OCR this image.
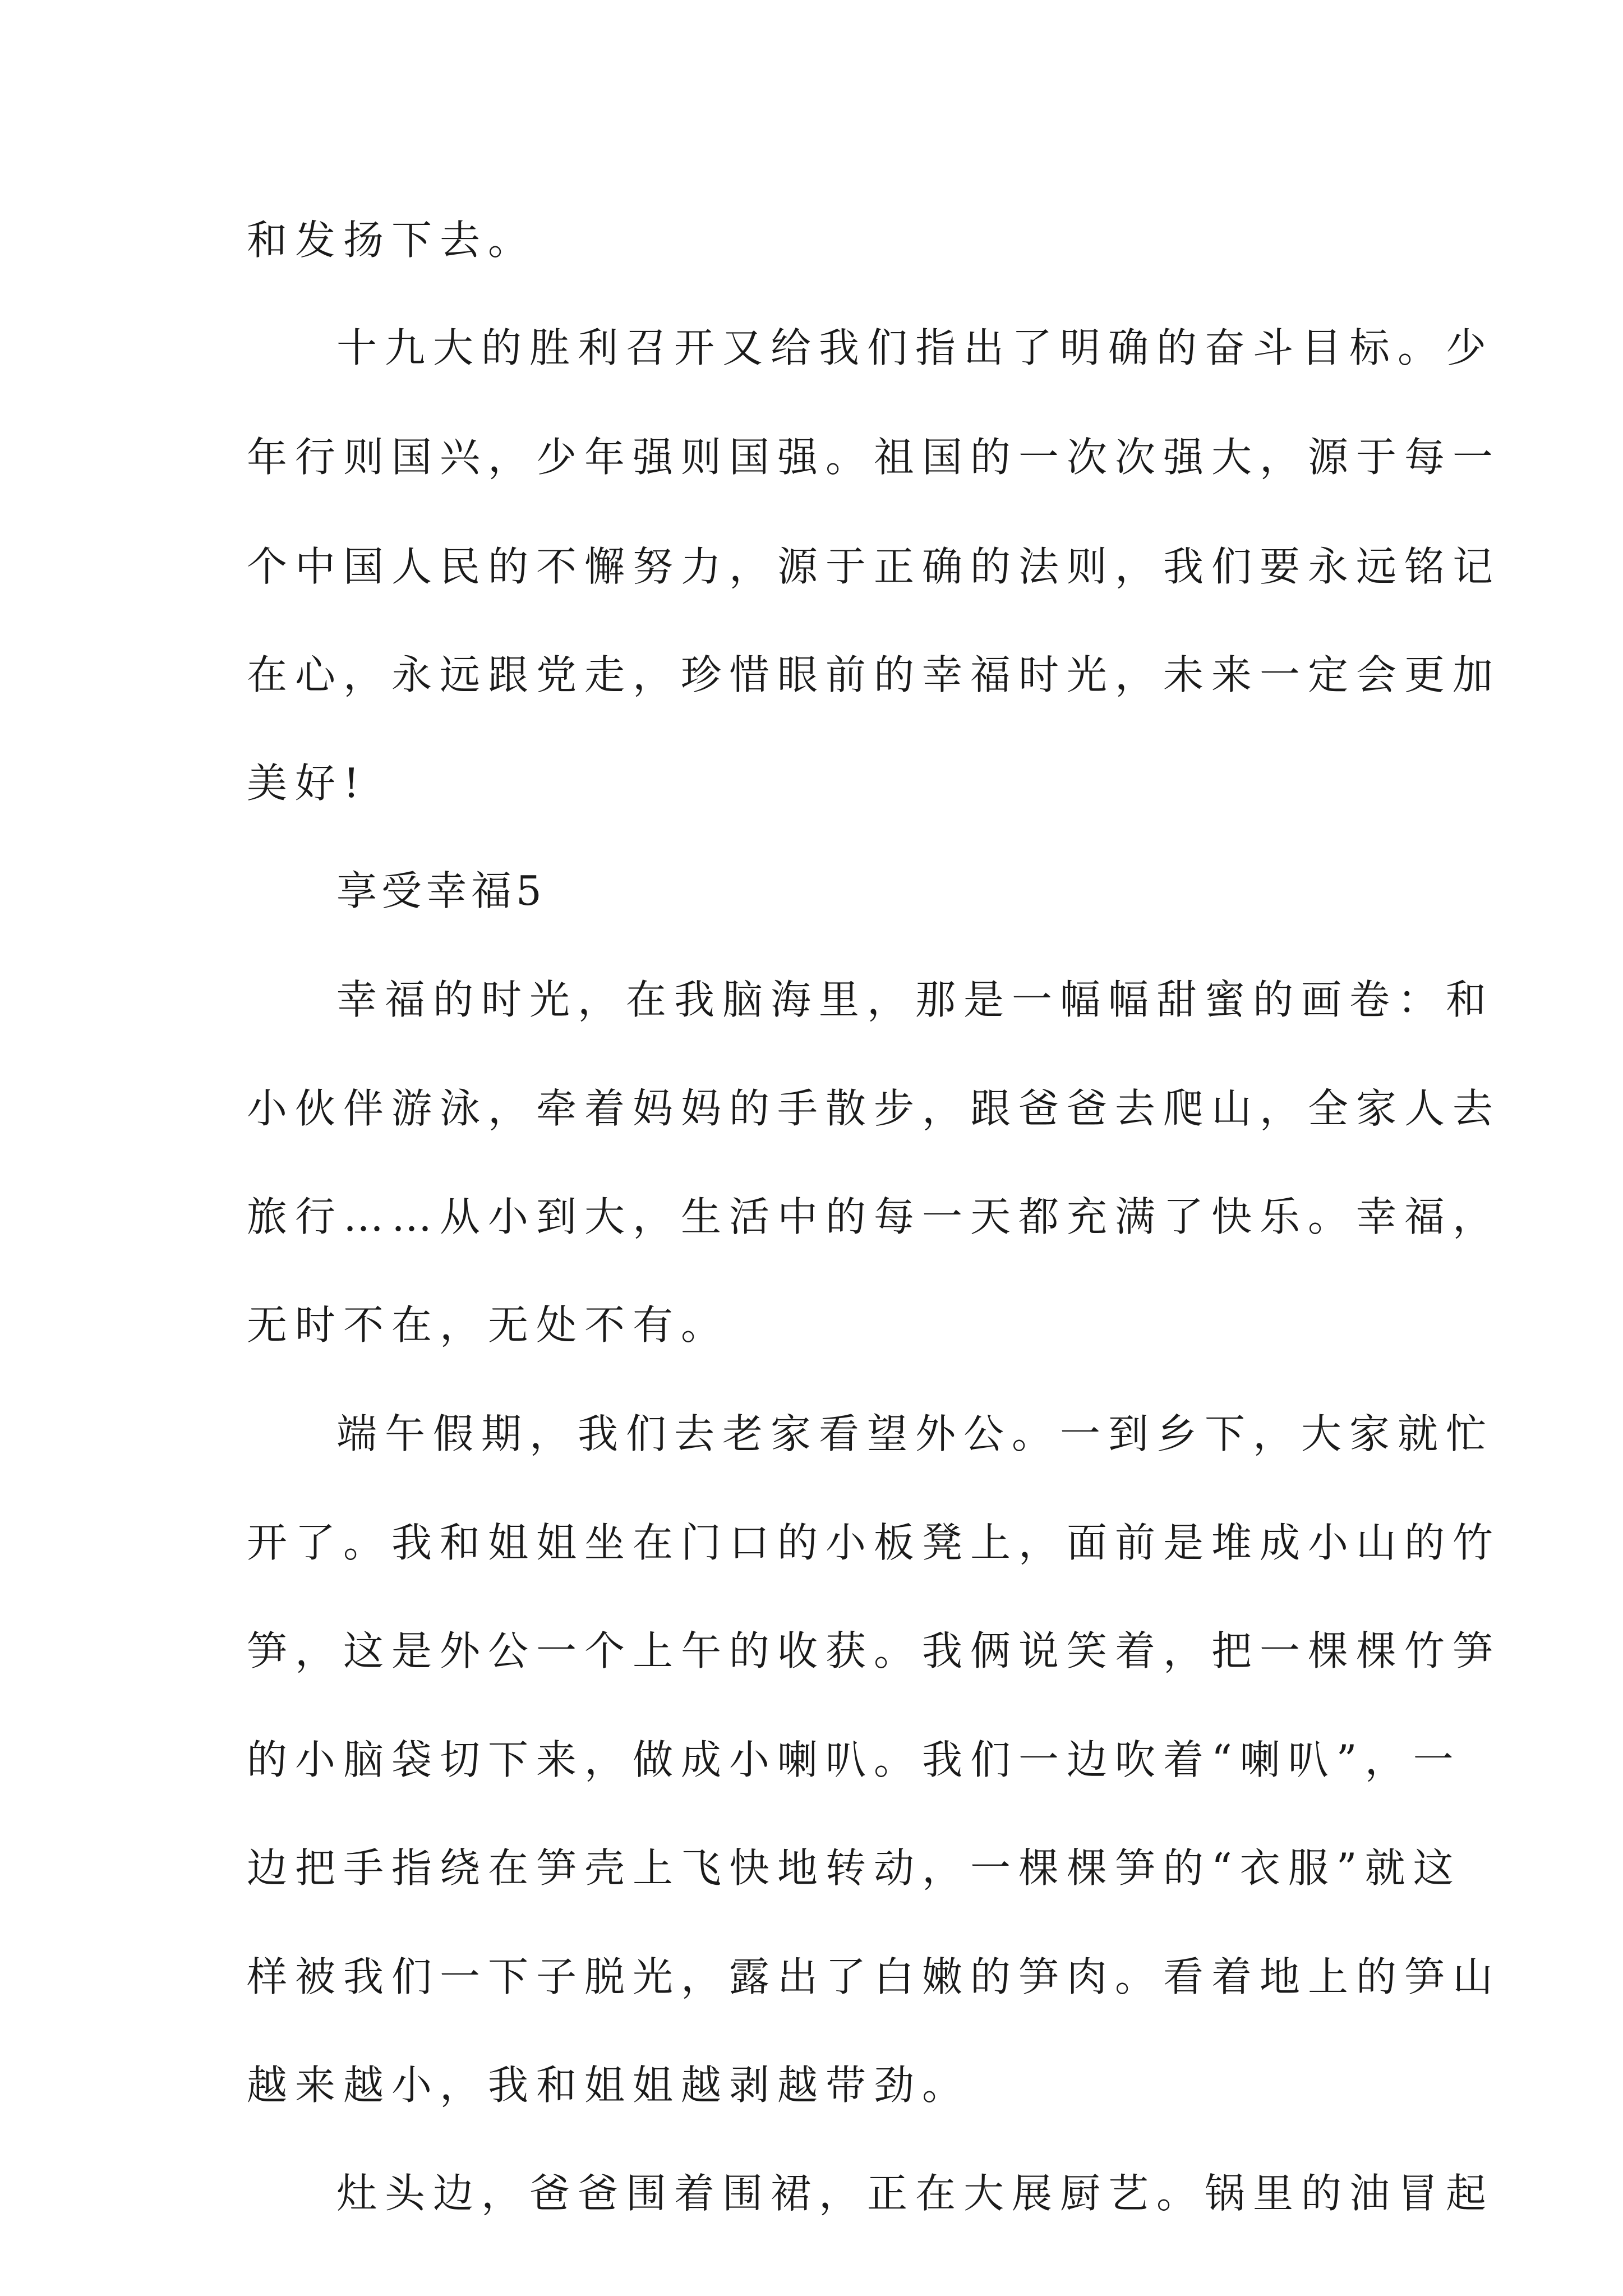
和发扬下去。
十九大的胜利召开又给我们指出了明确的奋斗目标。少
年行则国兴，少年强则国强。祖国的一次次强大，源于每一
个中国人民的不懈努力，源于正确的法则，我们要永远铭记
在心，永远跟党走，珍惜眼前的幸福时光，未来一定会更加
美好!
享受幸福5
幸福的时光，在我脑海里，那是一幅幅甜蜜的画卷：和
小伙伴游泳，牵着妈妈的手散步，跟爸爸去爬山，全家人去
旅行……从小到大，生活中的每一天都充满了快乐。幸福，
无时不在，无处不有。
端午假期，我们去老家看望外公。一到乡下，大家就忙
开了。我和姐姐坐在门口的小板凳上，面前是堆成小山的竹
笋，这是外公一个上午的收获。我俩说笑着，把一棵棵竹笋
的小脑袋切下来，做成小喇叭。我们一边吹着“喇叭”，一
边把手指绕在笋壳上飞快地转动，一棵棵笋的“衣服”就这
样被我们一下子脱光，露出了白嫩的笋肉。看着地上的笋山
越来越小，我和姐姐越剥越带劲。
灶头边，爸爸围着围裙，正在大展厨艺。锅里的油冒起
